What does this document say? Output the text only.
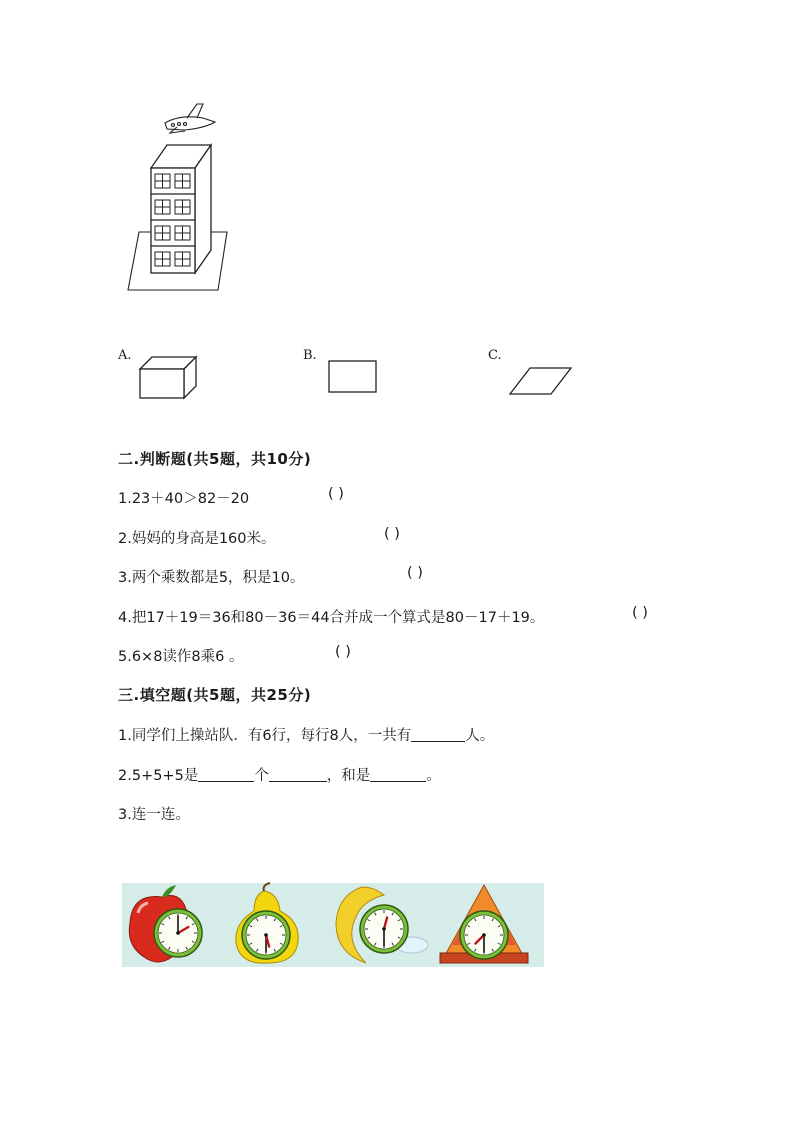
A.	B.	C.
二.判断题(共5题，共10分)
1.23＋40＞82－20	( )
2.妈妈的身高是160米。	( )
3.两个乘数都是5，积是10。	( )
4.把17＋19＝36和80－36＝44合并成一个算式是80－17＋19。	( )
5.6×8读作8乘6 。	( )
三.填空题(共5题，共25分)
1.同学们上操站队．有6行，每行8人，一共有	人。
2.5+5+5是	个	，和是	。
3.连一连。
